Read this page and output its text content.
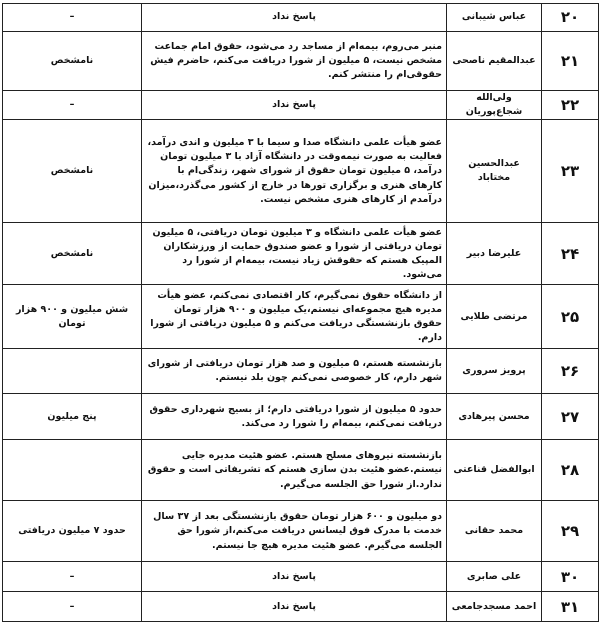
۲۰	عباس شیبانی	پاسخ نداد	–
۲۱	عبدالمقیم ناصحی	منبر می‌روم، بیمه‌ام از مساجد رد می‌شود، حقوق امام جماعت مشخص نیست، ۵ میلیون از شورا دریافت می‌کنم، حاضرم فیش حقوقی‌ام را منتشر کنم.	نامشخص
۲۲	ولی‌الله شجاع‌پوریان	پاسخ نداد	–
۲۳	عبدالحسین مختاباد	عضو هیأت علمی دانشگاه صدا و سیما با ۳ میلیون و اندی درآمد، فعالیت به صورت نیمه‌وقت در دانشگاه آزاد با ۳ میلیون تومان درآمد، ۵ میلیون تومان حقوق از شورای شهر، زندگی‌ام با کارهای هنری و برگزاری تورها در خارج از کشور می‌گذرد،میزان درآمدم از کارهای هنری مشخص نیست.	نامشخص
۲۴	علیرضا دبیر	عضو هیأت علمی دانشگاه و ۳ میلیون تومان دریافتی، ۵ میلیون تومان دریافتی از شورا و عضو صندوق حمایت از ورزشکاران المپیک هستم که حقوقش زیاد نیست، بیمه‌ام از شورا رد می‌شود.	نامشخص
۲۵	مرتضی طلایی	از دانشگاه حقوق نمی‌گیرم، کار اقتصادی نمی‌کنم، عضو هیأت مدیره هیچ مجموعه‌ای نیستم،یک میلیون و ۹۰۰ هزار تومان حقوق بازنشستگی دریافت می‌کنم و ۵ میلیون دریافتی از شورا دارم.	شش میلیون و ۹۰۰ هزار تومان
۲۶	پرویز سروری	بازنشسته هستم، ۵ میلیون و صد هزار تومان دریافتی از شورای شهر دارم، کار خصوصی نمی‌کنم چون بلد نیستم.	
۲۷	محسن پیرهادی	حدود ۵ میلیون از شورا دریافتی دارم؛ از بسیج شهرداری حقوق دریافت نمی‌کنم، بیمه‌ام را شورا رد می‌کند.	پنج میلیون
۲۸	ابوالفضل قناعتی	بازنشسته نیروهای مسلح هستم. عضو هئیت مدیره جایی نیستم.عضو هئیت بدن سازی هستم که تشریفاتی است و حقوق ندارد.از شورا حق الجلسه می‌گیرم.	
۲۹	محمد حقانی	دو میلیون و ۶۰۰ هزار تومان حقوق بازنشستگی بعد از ۳۷ سال خدمت با مدرک فوق لیسانس دریافت می‌کنم،از شورا حق الجلسه می‌گیرم. عضو هئیت مدیره هیچ جا نیستم.	حدود ۷ میلیون دریافتی
۳۰	علی صابری	پاسخ نداد	–
۳۱	احمد مسجدجامعی	پاسخ نداد	–
